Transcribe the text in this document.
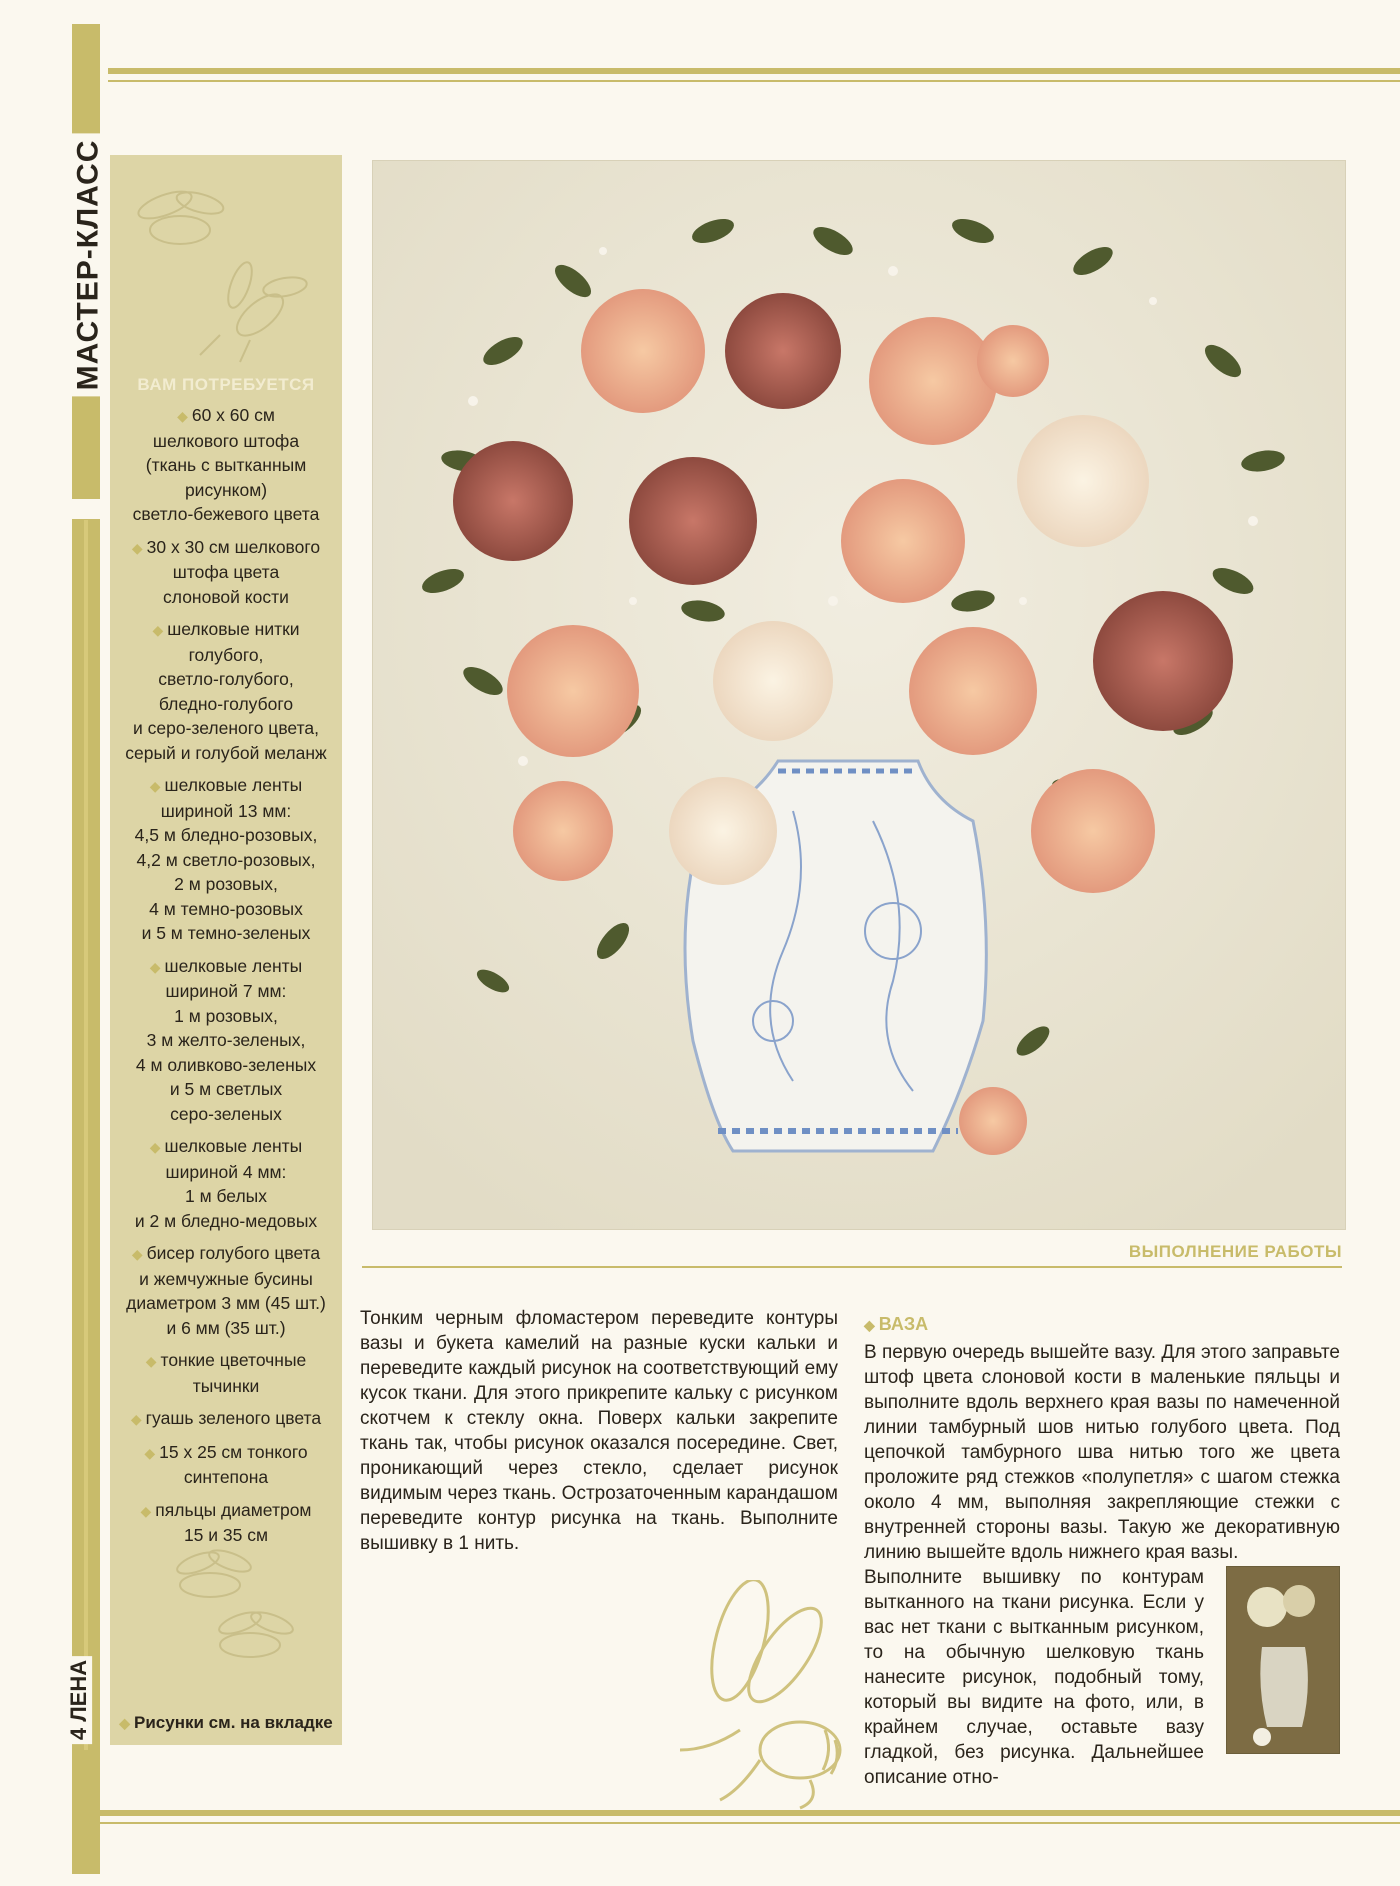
МАСТЕР-КЛАСС
4 ЛЕНА
ВАМ ПОТРЕБУЕТСЯ
◆ 60 х 60 см
шелкового штофа
(ткань с вытканным
рисунком)
светло-бежевого цвета
◆ 30 х 30 см шелкового
штофа цвета
слоновой кости
◆ шелковые нитки
голубого,
светло-голубого,
бледно-голубого
и серо-зеленого цвета,
серый и голубой меланж
◆ шелковые ленты
шириной 13 мм:
4,5 м бледно-розовых,
4,2 м светло-розовых,
2 м розовых,
4 м темно-розовых
и 5 м темно-зеленых
◆ шелковые ленты
шириной 7 мм:
1 м розовых,
3 м желто-зеленых,
4 м оливково-зеленых
и 5 м светлых
серо-зеленых
◆ шелковые ленты
шириной 4 мм:
1 м белых
и 2 м бледно-медовых
◆ бисер голубого цвета
и жемчужные бусины
диаметром 3 мм (45 шт.)
и 6 мм (35 шт.)
◆ тонкие цветочные
тычинки
◆ гуашь зеленого цвета
◆ 15 х 25 см тонкого
синтепона
◆ пяльцы диаметром
15 и 35 см
◆ Рисунки см. на вкладке
ВЫПОЛНЕНИЕ РАБОТЫ
Тонким черным фломастером переведите контуры вазы и букета камелий на разные куски кальки и переведите каждый рисунок на соответствующий ему кусок ткани. Для этого прикрепите кальку с рисунком скотчем к стеклу окна. Поверх кальки закрепите ткань так, чтобы рисунок оказался посередине. Свет, проникающий через стекло, сделает рисунок видимым через ткань. Острозаточенным карандашом переведите контур рисунка на ткань. Выполните вышивку в 1 нить.
◆ ВАЗА
В первую очередь вышейте вазу. Для этого заправьте штоф цвета слоновой кости в маленькие пяльцы и выполните вдоль верхнего края вазы по намеченной линии тамбурный шов нитью голубого цвета. Под цепочкой тамбурного шва нитью того же цвета проложите ряд стежков «полупетля» с шагом стежка около 4 мм, выполняя закрепляющие стежки с внутренней стороны вазы. Такую же декоративную линию вышейте вдоль нижнего края вазы.
Выполните вышивку по контурам вытканного на ткани рисунка. Если у вас нет ткани с вытканным рисунком, то на обычную шелковую ткань нанесите рисунок, подобный тому, который вы видите на фото, или, в крайнем случае, оставьте вазу гладкой, без рисунка. Дальнейшее описание отно-
